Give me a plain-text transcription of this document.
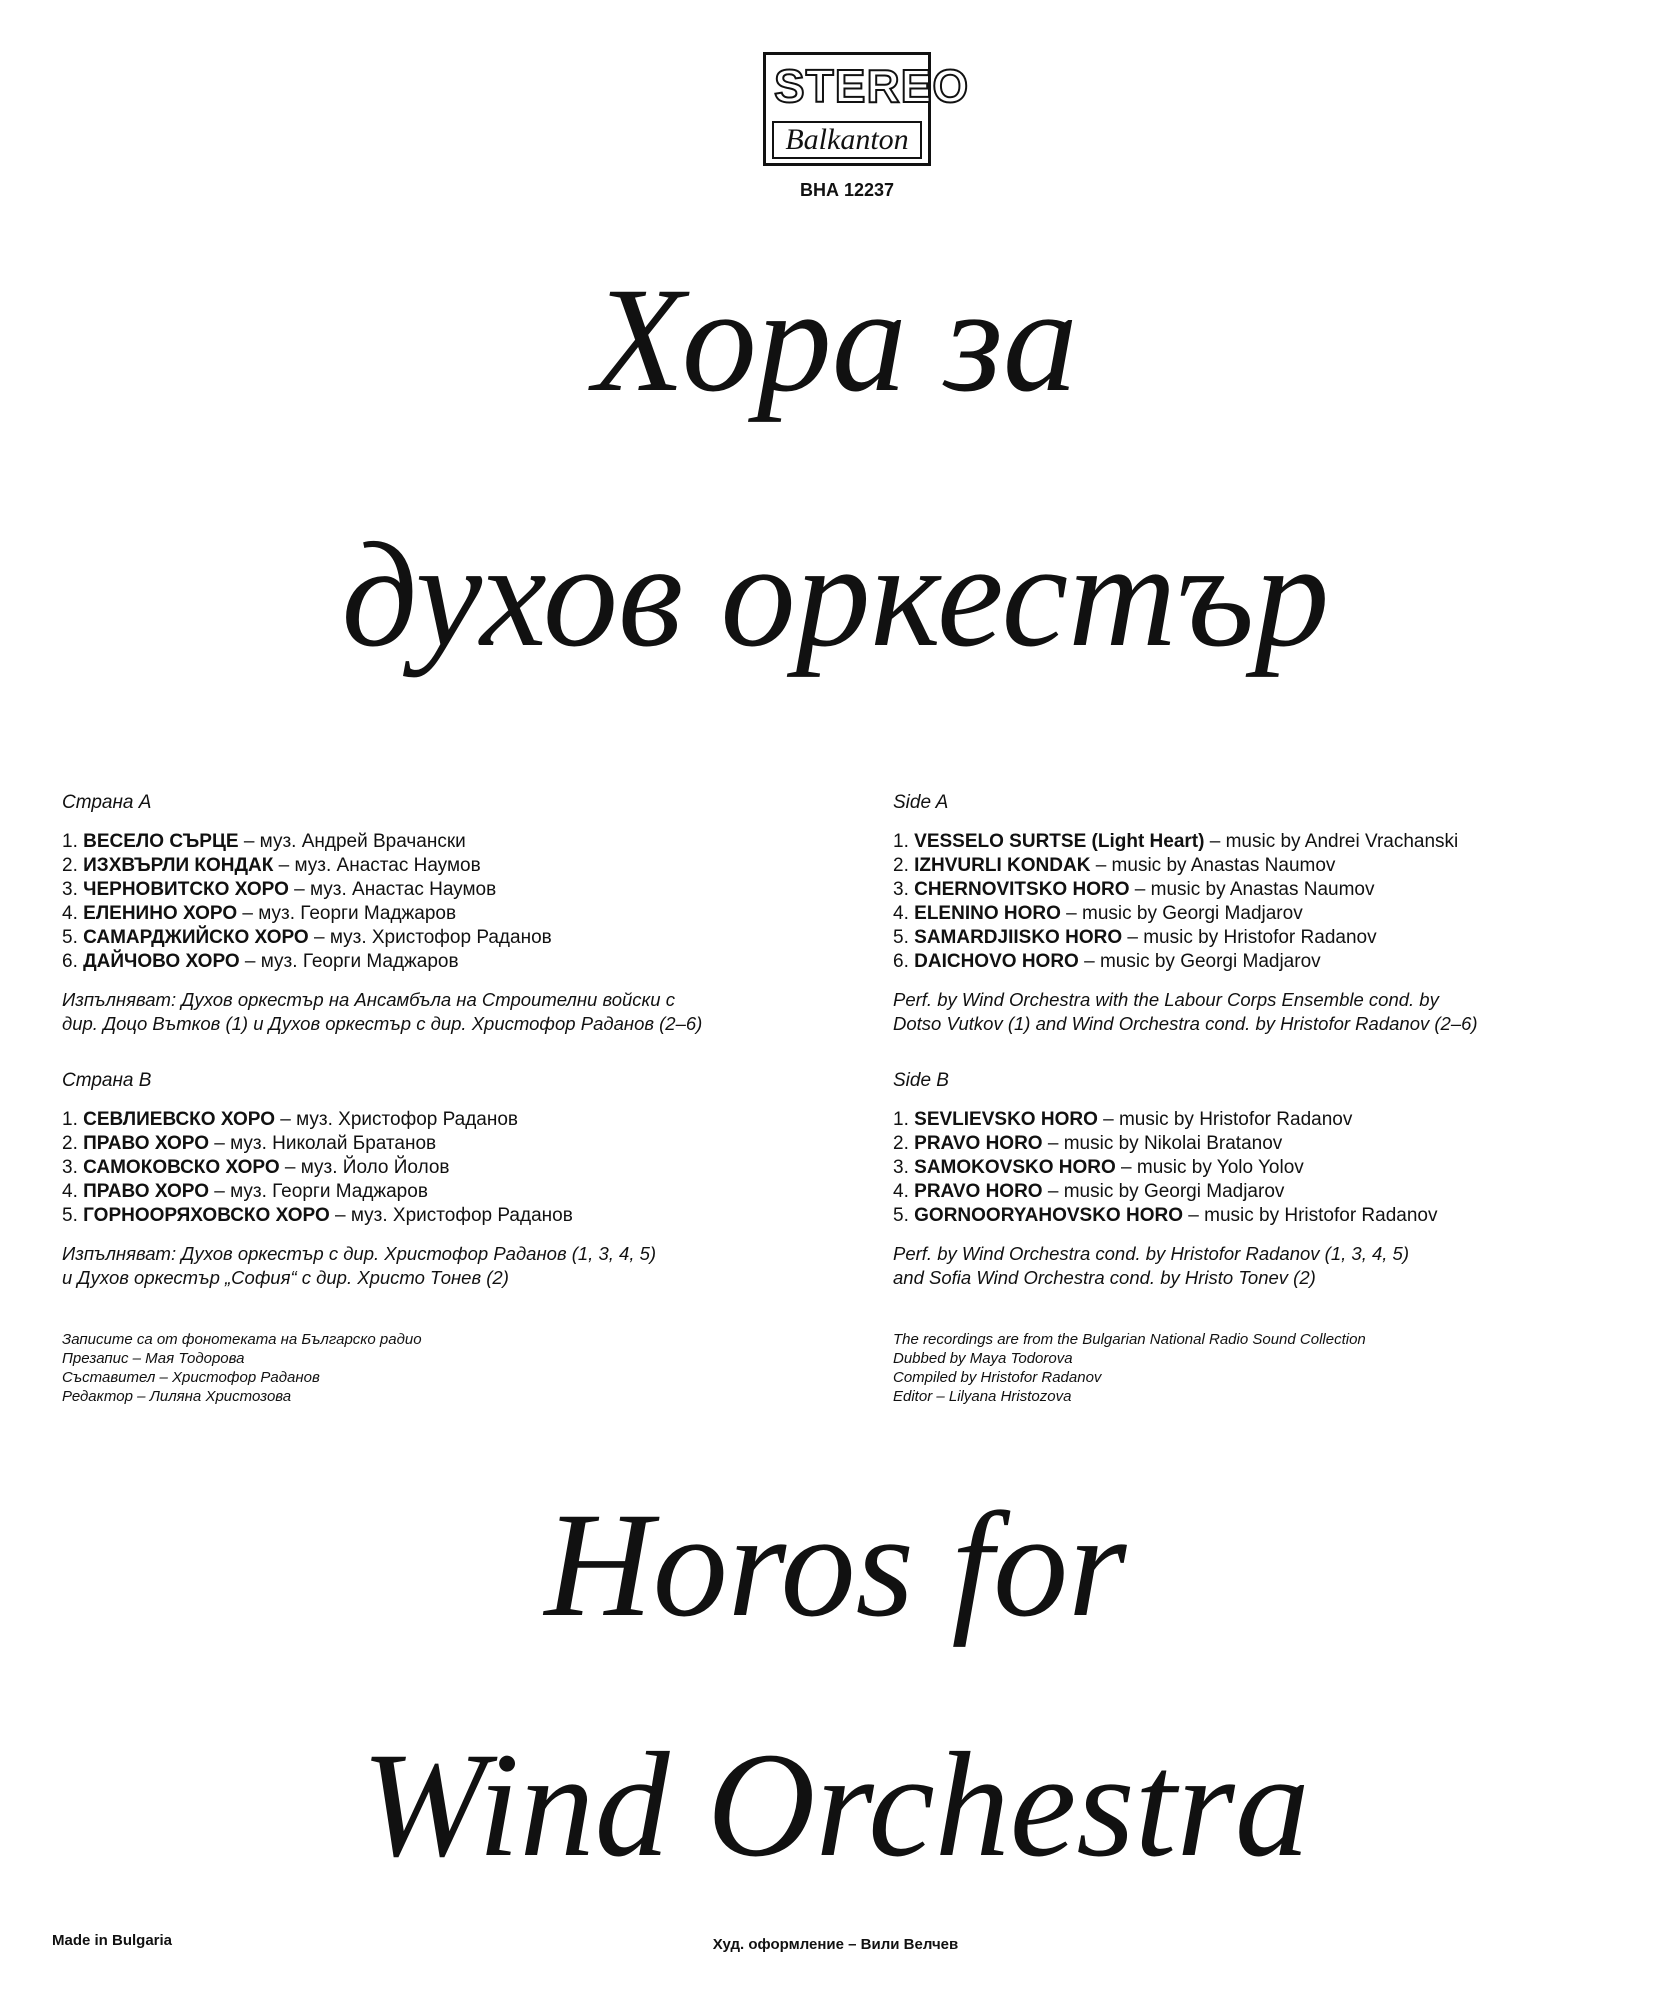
STEREO
Balkanton
ВНА 12237
Хора за
духов оркестър
Страна А
1. ВЕСЕЛО СЪРЦЕ – муз. Андрей Врачански
2. ИЗХВЪРЛИ КОНДАК – муз. Анастас Наумов
3. ЧЕРНОВИТСКО ХОРО – муз. Анастас Наумов
4. ЕЛЕНИНО ХОРО – муз. Георги Маджаров
5. САМАРДЖИЙСКО ХОРО – муз. Христофор Раданов
6. ДАЙЧОВО ХОРО – муз. Георги Маджаров
Изпълняват: Духов оркестър на Ансамбъла на Строителни войски с
дир. Доцо Вътков (1) и Духов оркестър с дир. Христофор Раданов (2–6)
Страна В
1. СЕВЛИЕВСКО ХОРО – муз. Христофор Раданов
2. ПРАВО ХОРО – муз. Николай Братанов
3. САМОКОВСКО ХОРО – муз. Йоло Йолов
4. ПРАВО ХОРО – муз. Георги Маджаров
5. ГОРНООРЯХОВСКО ХОРО – муз. Христофор Раданов
Изпълняват: Духов оркестър с дир. Христофор Раданов (1, 3, 4, 5)
и Духов оркестър „София“ с дир. Христо Тонев (2)
Записите са от фонотеката на Българско радио
Презапис – Мая Тодорова
Съставител – Христофор Раданов
Редактор – Лиляна Христозова
Side A
1. VESSELO SURTSE (Light Heart) – music by Andrei Vrachanski
2. IZHVURLI KONDAK – music by Anastas Naumov
3. CHERNOVITSKO HORO – music by Anastas Naumov
4. ELENINO HORO – music by Georgi Madjarov
5. SAMARDJIISKO HORO – music by Hristofor Radanov
6. DAICHOVO HORO – music by Georgi Madjarov
Perf. by Wind Orchestra with the Labour Corps Ensemble cond. by
Dotso Vutkov (1) and Wind Orchestra cond. by Hristofor Radanov (2–6)
Side B
1. SEVLIEVSKO HORO – music by Hristofor Radanov
2. PRAVO HORO – music by Nikolai Bratanov
3. SAMOKOVSKO HORO – music by Yolo Yolov
4. PRAVO HORO – music by Georgi Madjarov
5. GORNOORYAHOVSKO HORO – music by Hristofor Radanov
Perf. by Wind Orchestra cond. by Hristofor Radanov (1, 3, 4, 5)
and Sofia Wind Orchestra cond. by Hristo Tonev (2)
The recordings are from the Bulgarian National Radio Sound Collection
Dubbed by Maya Todorova
Compiled by Hristofor Radanov
Editor – Lilyana Hristozova
Horos for
Wind Orchestra
Made in Bulgaria	Худ. оформление – Вили Велчев
